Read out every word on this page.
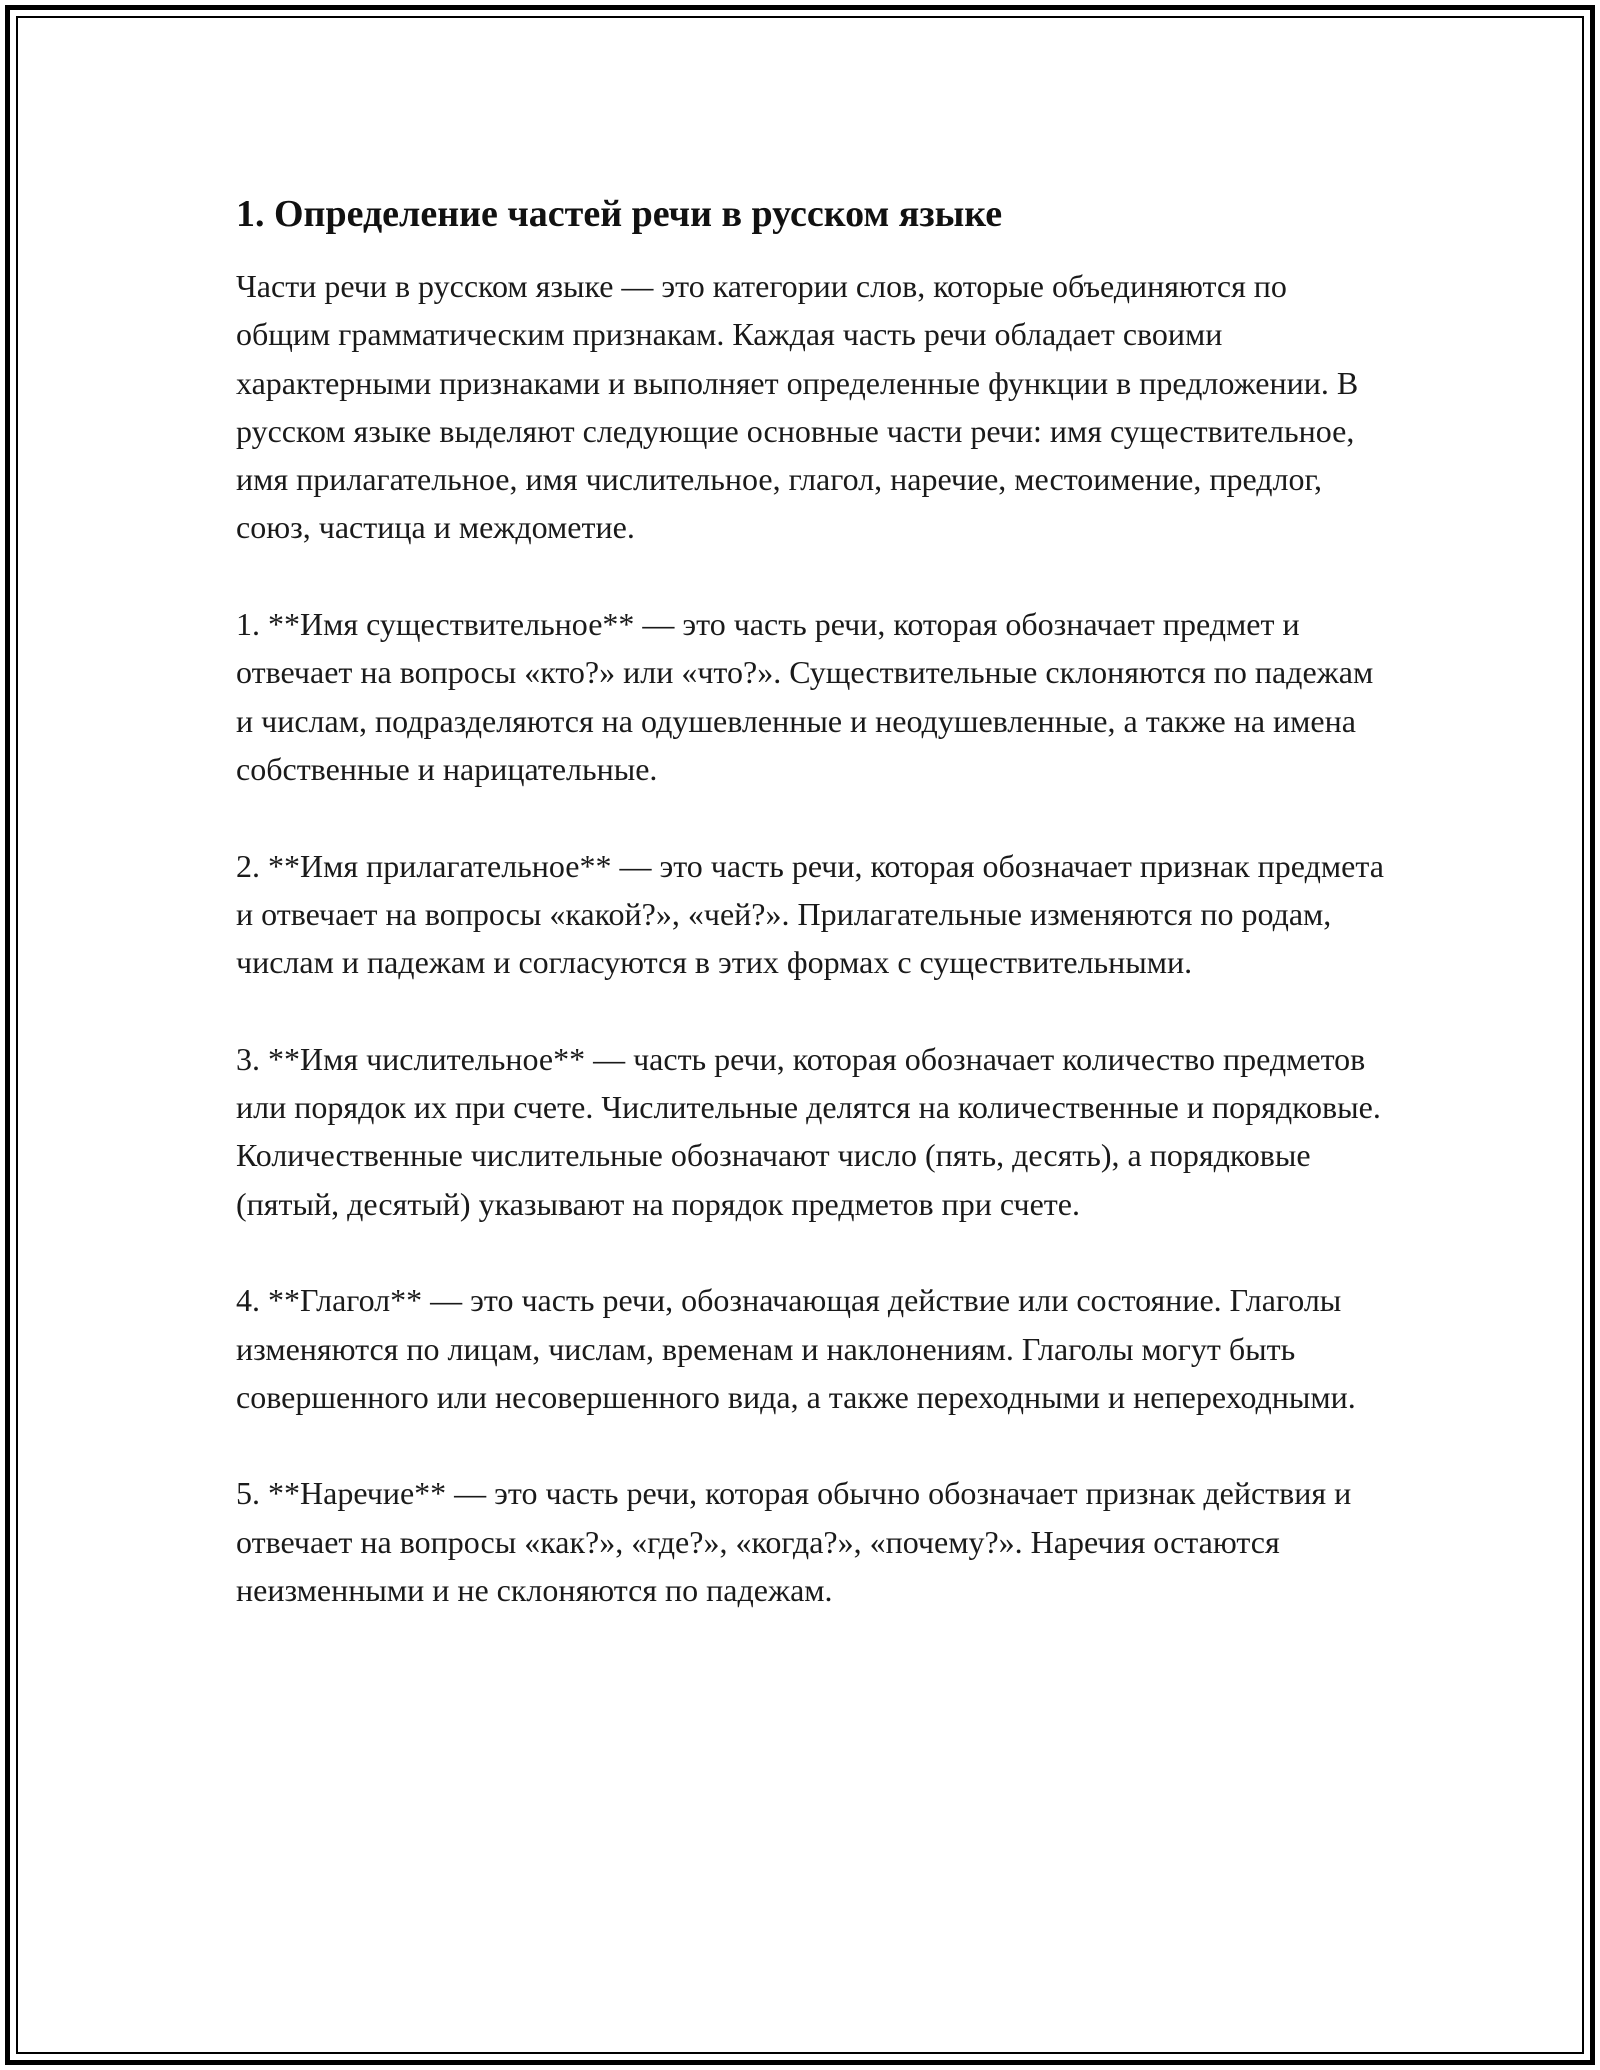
1. Определение частей речи в русском языке

Части речи в русском языке — это категории слов, которые объединяются по общим грамматическим признакам. Каждая часть речи обладает своими характерными признаками и выполняет определенные функции в предложении. В русском языке выделяют следующие основные части речи: имя существительное, имя прилагательное, имя числительное, глагол, наречие, местоимение, предлог, союз, частица и междометие.

1. **Имя существительное** — это часть речи, которая обозначает предмет и отвечает на вопросы «кто?» или «что?». Существительные склоняются по падежам и числам, подразделяются на одушевленные и неодушевленные, а также на имена собственные и нарицательные.

2. **Имя прилагательное** — это часть речи, которая обозначает признак предмета и отвечает на вопросы «какой?», «чей?». Прилагательные изменяются по родам, числам и падежам и согласуются в этих формах с существительными.

3. **Имя числительное** — часть речи, которая обозначает количество предметов или порядок их при счете. Числительные делятся на количественные и порядковые. Количественные числительные обозначают число (пять, десять), а порядковые (пятый, десятый) указывают на порядок предметов при счете.

4. **Глагол** — это часть речи, обозначающая действие или состояние. Глаголы изменяются по лицам, числам, временам и наклонениям. Глаголы могут быть совершенного или несовершенного вида, а также переходными и непереходными.

5. **Наречие** — это часть речи, которая обычно обозначает признак действия и отвечает на вопросы «как?», «где?», «когда?», «почему?». Наречия остаются неизменными и не склоняются по падежам.
